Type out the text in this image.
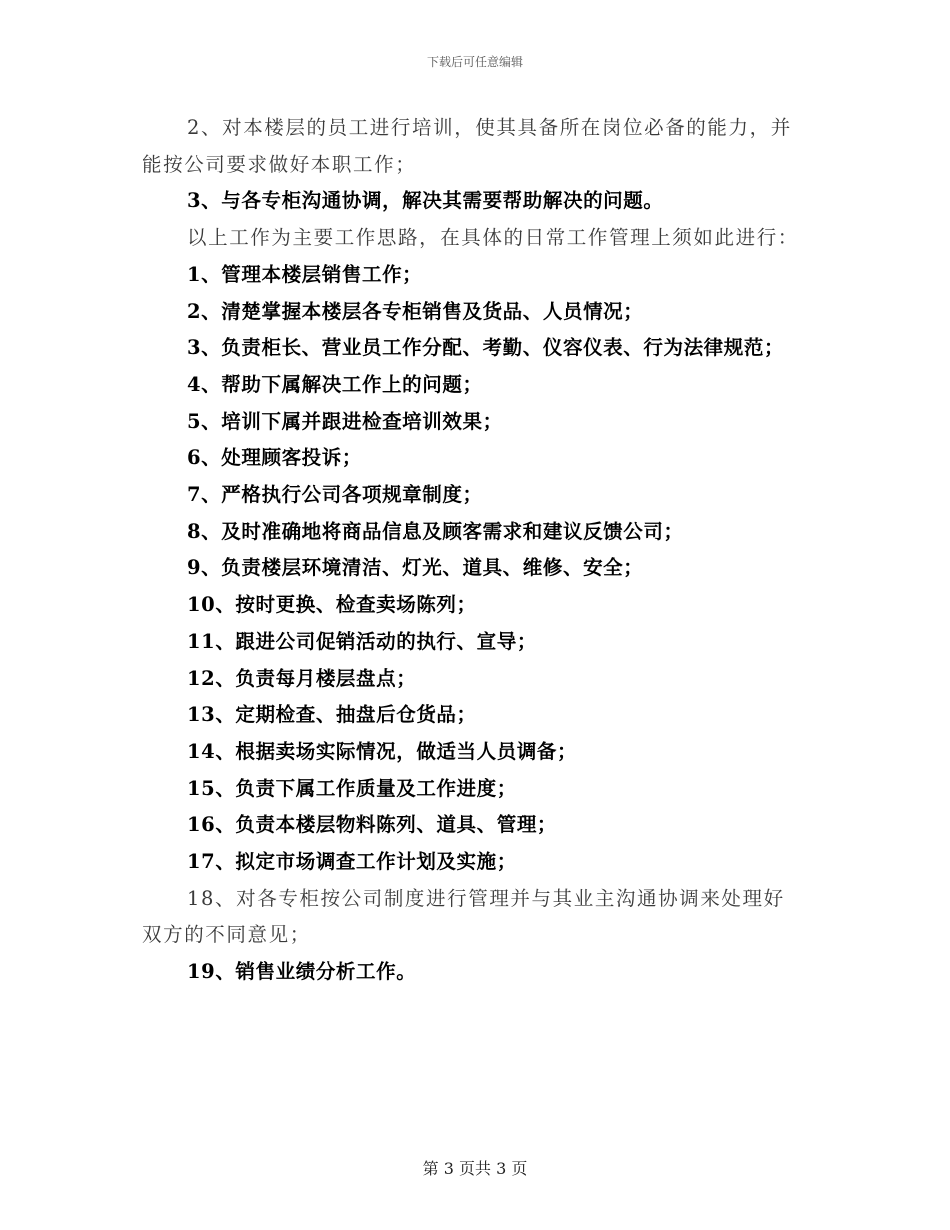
下载后可任意编辑

2、对本楼层的员工进行培训，使其具备所在岗位必备的能力，并
能按公司要求做好本职工作；

3、与各专柜沟通协调，解决其需要帮助解决的问题。

以上工作为主要工作思路，在具体的日常工作管理上须如此进行：

1、管理本楼层销售工作；

2、清楚掌握本楼层各专柜销售及货品、人员情况；

3、负责柜长、营业员工作分配、考勤、仪容仪表、行为法律规范；

4、帮助下属解决工作上的问题；

5、培训下属并跟进检查培训效果；

6、处理顾客投诉；

7、严格执行公司各项规章制度；

8、及时准确地将商品信息及顾客需求和建议反馈公司；

9、负责楼层环境清洁、灯光、道具、维修、安全；

10、按时更换、检查卖场陈列；

11、跟进公司促销活动的执行、宣导；

12、负责每月楼层盘点；

13、定期检查、抽盘后仓货品；

14、根据卖场实际情况，做适当人员调备；

15、负责下属工作质量及工作进度；

16、负责本楼层物料陈列、道具、管理；

17、拟定市场调查工作计划及实施；

18、对各专柜按公司制度进行管理并与其业主沟通协调来处理好
双方的不同意见；

19、销售业绩分析工作。

第 3 页共 3 页
